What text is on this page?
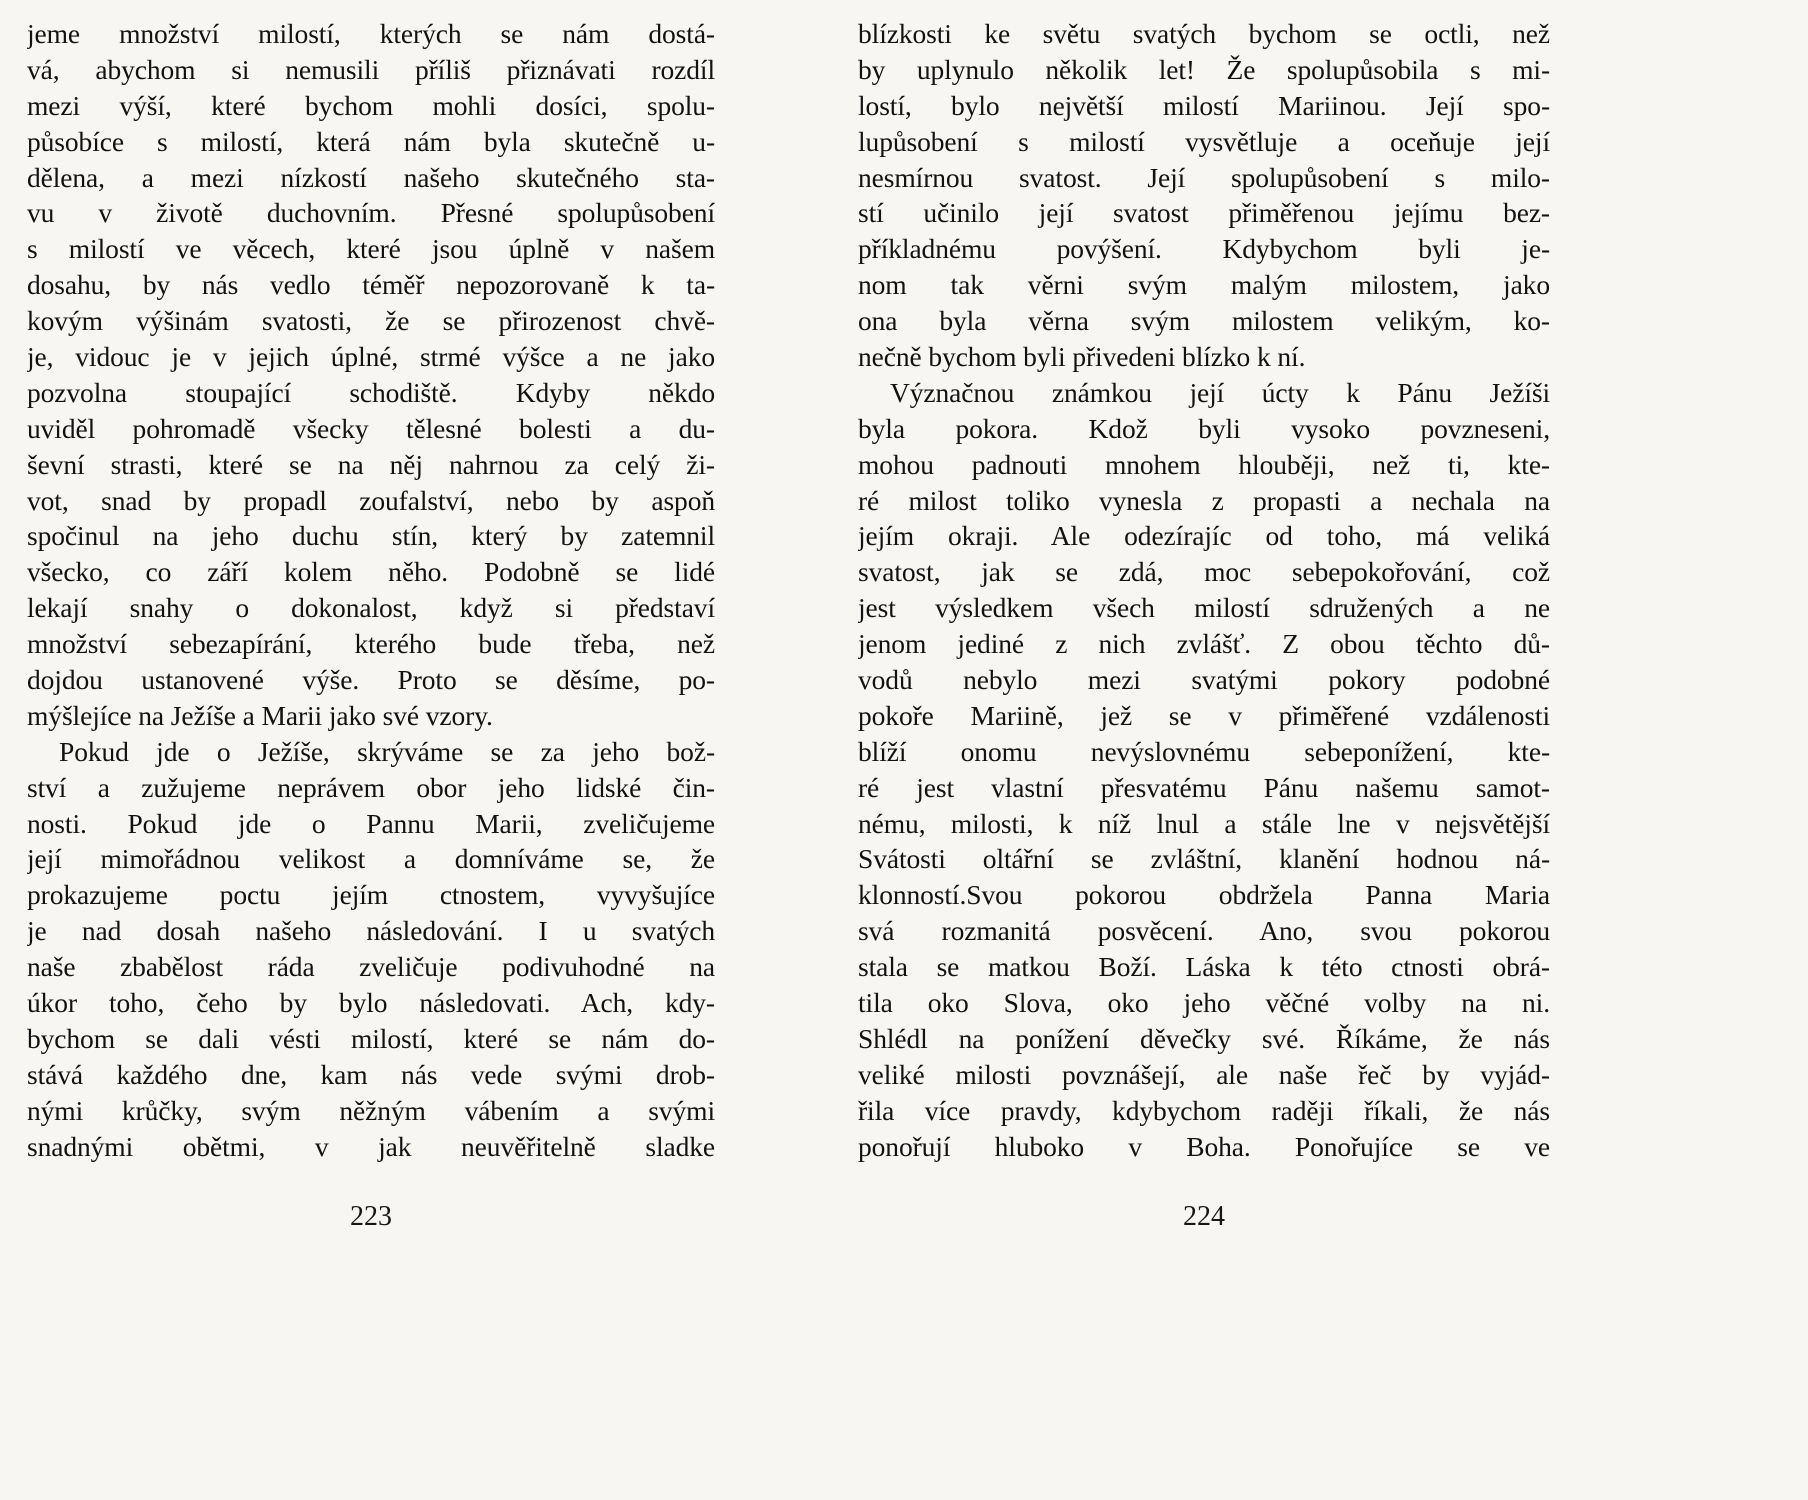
jeme množství milostí, kterých se nám dostá-
vá, abychom si nemusili příliš přiznávati rozdíl
mezi výší, které bychom mohli dosíci, spolu-
působíce s milostí, která nám byla skutečně u-
dělena, a mezi nízkostí našeho skutečného sta-
vu v životě duchovním. Přesné spolupůsobení
s milostí ve věcech, které jsou úplně v našem
dosahu, by nás vedlo téměř nepozorovaně k ta-
kovým výšinám svatosti, že se přirozenost chvě-
je, vidouc je v jejich úplné, strmé výšce a ne jako
pozvolna stoupající schodiště. Kdyby někdo
uviděl pohromadě všecky tělesné bolesti a du-
ševní strasti, které se na něj nahrnou za celý ži-
vot, snad by propadl zoufalství, nebo by aspoň
spočinul na jeho duchu stín, který by zatemnil
všecko, co září kolem něho. Podobně se lidé
lekají snahy o dokonalost, když si představí
množství sebezapírání, kterého bude třeba, než
dojdou ustanovené výše. Proto se děsíme, po-
mýšlejíce na Ježíše a Marii jako své vzory.
Pokud jde o Ježíše, skrýváme se za jeho bož-
ství a zužujeme neprávem obor jeho lidské čin-
nosti. Pokud jde o Pannu Marii, zveličujeme
její mimořádnou velikost a domníváme se, že
prokazujeme poctu jejím ctnostem, vyvyšujíce
je nad dosah našeho následování. I u svatých
naše zbabělost ráda zveličuje podivuhodné na
úkor toho, čeho by bylo následovati. Ach, kdy-
bychom se dali vésti milostí, které se nám do-
stává každého dne, kam nás vede svými drob-
nými krůčky, svým něžným vábením a svými
snadnými obětmi, v jak neuvěřitelně sladke
blízkosti ke světu svatých bychom se octli, než
by uplynulo několik let! Že spolupůsobila s mi-
lostí, bylo největší milostí Mariinou. Její spo-
lupůsobení s milostí vysvětluje a oceňuje její
nesmírnou svatost. Její spolupůsobení s milo-
stí učinilo její svatost přiměřenou jejímu bez-
příkladnému povýšení. Kdybychom byli je-
nom tak věrni svým malým milostem, jako
ona byla věrna svým milostem velikým, ko-
nečně bychom byli přivedeni blízko k ní.
Význačnou známkou její úcty k Pánu Ježíši
byla pokora. Kdož byli vysoko povzneseni,
mohou padnouti mnohem hlouběji, než ti, kte-
ré milost toliko vynesla z propasti a nechala na
jejím okraji. Ale odezírajíc od toho, má veliká
svatost, jak se zdá, moc sebepokořování, což
jest výsledkem všech milostí sdružených a ne
jenom jediné z nich zvlášť. Z obou těchto dů-
vodů nebylo mezi svatými pokory podobné
pokoře Mariině, jež se v přiměřené vzdálenosti
blíží onomu nevýslovnému sebeponížení, kte-
ré jest vlastní přesvatému Pánu našemu samot-
nému, milosti, k níž lnul a stále lne v nejsvětější
Svátosti oltářní se zvláštní, klanění hodnou ná-
klonností.Svou pokorou obdržela Panna Maria
svá rozmanitá posvěcení. Ano, svou pokorou
stala se matkou Boží. Láska k této ctnosti obrá-
tila oko Slova, oko jeho věčné volby na ni.
Shlédl na ponížení děvečky své. Říkáme, že nás
veliké milosti povznášejí, ale naše řeč by vyjád-
řila více pravdy, kdybychom raději říkali, že nás
ponořují hluboko v Boha. Ponořujíce se ve
223	224
